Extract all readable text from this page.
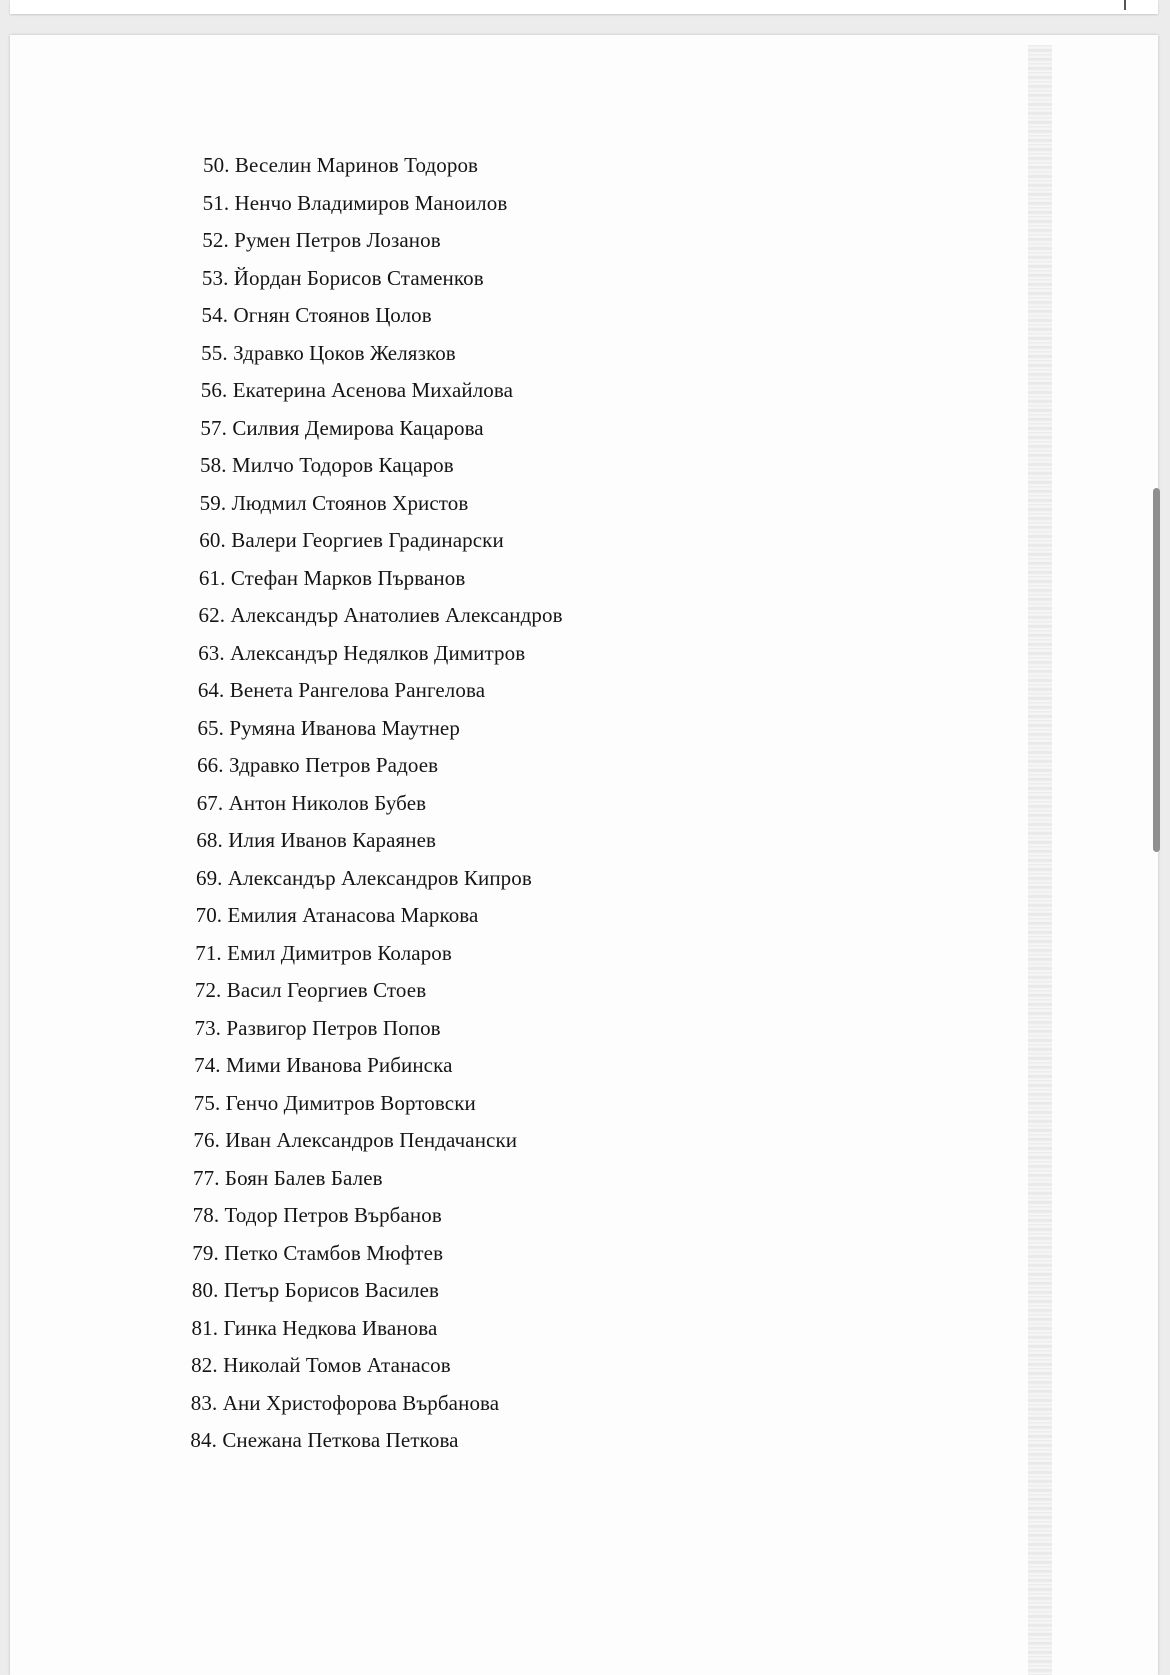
50. Веселин Маринов Тодоров
51. Ненчо Владимиров Маноилов
52. Румен Петров Лозанов
53. Йордан Борисов Стаменков
54. Огнян Стоянов Цолов
55. Здравко Цоков Желязков
56. Екатерина Асенова Михайлова
57. Силвия Демирова Кацарова
58. Милчо Тодоров Кацаров
59. Людмил Стоянов Христов
60. Валери Георгиев Градинарски
61. Стефан Марков Първанов
62. Александър Анатолиев Александров
63. Александър Недялков Димитров
64. Венета Рангелова Рангелова
65. Румяна Иванова Маутнер
66. Здравко Петров Радоев
67. Антон Николов Бубев
68. Илия Иванов Караянев
69. Александър Александров Кипров
70. Емилия Атанасова Маркова
71. Емил Димитров Коларов
72. Васил Георгиев Стоев
73. Развигор Петров Попов
74. Мими Иванова Рибинска
75. Генчо Димитров Вортовски
76. Иван Александров Пендачански
77. Боян Балев Балев
78. Тодор Петров Върбанов
79. Петко Стамбов Мюфтев
80. Петър Борисов Василев
81. Гинка Недкова Иванова
82. Николай Томов Атанасов
83. Ани Христофорова Върбанова
84. Снежана Петкова Петкова
